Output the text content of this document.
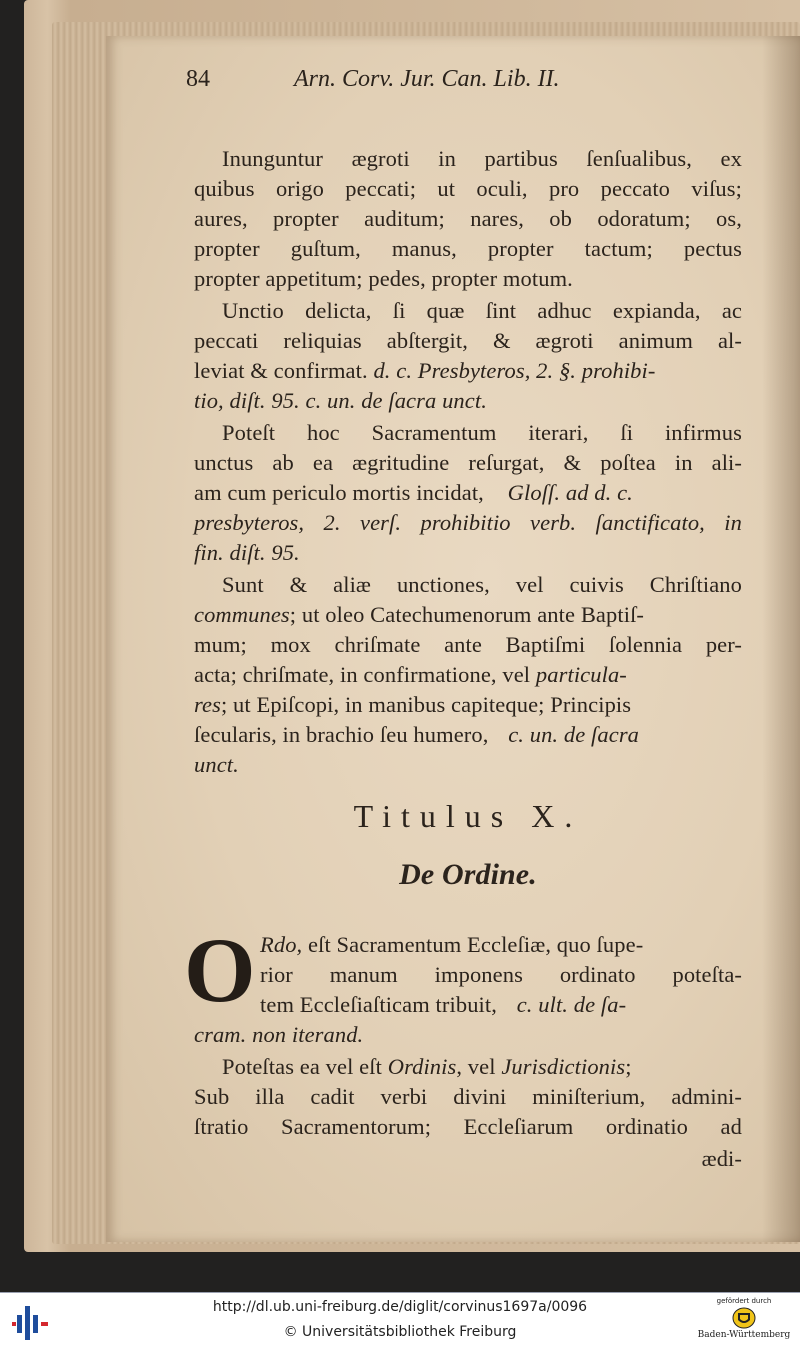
84	Arn. Corv. Jur. Can. Lib. II.
Inunguntur ægroti in partibus ſenſualibus, ex
quibus origo peccati; ut oculi, pro peccato viſus;
aures, propter auditum; nares, ob odoratum; os,
propter guſtum, manus, propter tactum; pectus
propter appetitum; pedes, propter motum.
Unctio delicta, ſi quæ ſint adhuc expianda, ac
peccati reliquias abſtergit, & ægroti animum al-
leviat & confirmat. d. c. Presbyteros, 2. §. prohibi-
tio, diſt. 95. c. un. de ſacra unct.
Poteſt hoc Sacramentum iterari, ſi infirmus
unctus ab ea ægritudine reſurgat, & poſtea in ali-
am cum periculo mortis incidat, Gloſſ. ad d. c.
presbyteros, 2. verſ. prohibitio verb. ſanctificato, in
fin. diſt. 95.
Sunt & aliæ unctiones, vel cuivis Chriſtiano
communes; ut oleo Catechumenorum ante Baptiſ-
mum; mox chriſmate ante Baptiſmi ſolennia per-
acta; chriſmate, in confirmatione, vel particula-
res; ut Epiſcopi, in manibus capiteque; Principis
ſecularis, in brachio ſeu humero, c. un. de ſacra
unct.
Titulus X.
De Ordine.
O Rdo, eſt Sacramentum Eccleſiæ, quo ſupe-
rior manum imponens ordinato poteſta-
tem Eccleſiaſticam tribuit, c. ult. de ſa-
cram. non iterand.
Poteſtas ea vel eſt Ordinis, vel Jurisdictionis;
Sub illa cadit verbi divini miniſterium, admini-
ſtratio Sacramentorum; Eccleſiarum ordinatio ad
ædi-
http://dl.ub.uni-freiburg.de/diglit/corvinus1697a/0096
© Universitätsbibliothek Freiburg
gefördert durch
Baden-Württemberg
